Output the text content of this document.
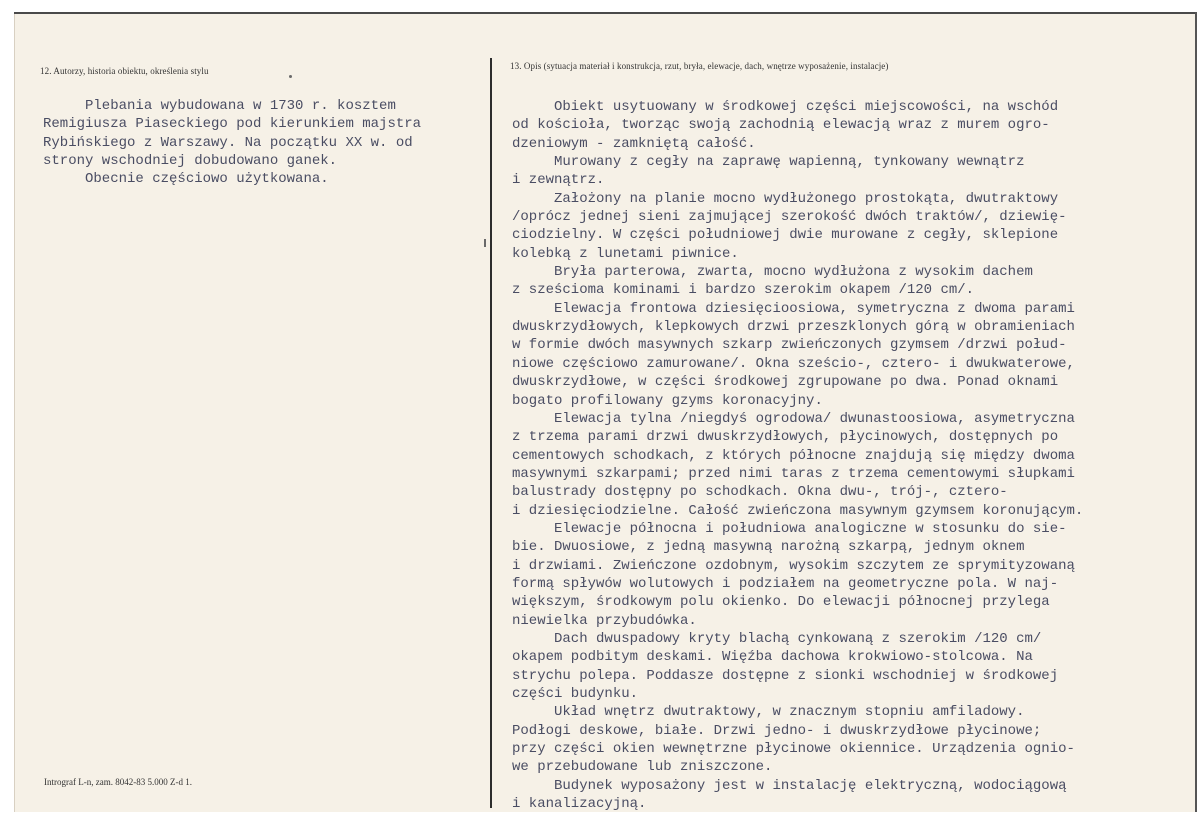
12. Autorzy, historia obiektu, określenia stylu	13. Opis (sytuacja materiał i konstrukcja, rzut, bryła, elewacje, dach, wnętrze wyposażenie, instalacje)
Plebania wybudowana w 1730 r. kosztem
Remigiusza Piaseckiego pod kierunkiem majstra
Rybińskiego z Warszawy. Na początku XX w. od
strony wschodniej dobudowano ganek.
Obecnie częściowo użytkowana.
Obiekt usytuowany w środkowej części miejscowości, na wschód
od kościoła, tworząc swoją zachodnią elewacją wraz z murem ogro-
dzeniowym - zamkniętą całość.
Murowany z cegły na zaprawę wapienną, tynkowany wewnątrz
i zewnątrz.
Założony na planie mocno wydłużonego prostokąta, dwutraktowy
/oprócz jednej sieni zajmującej szerokość dwóch traktów/, dziewię-
ciodzielny. W części południowej dwie murowane z cegły, sklepione
kolebką z lunetami piwnice.
Bryła parterowa, zwarta, mocno wydłużona z wysokim dachem
z sześcioma kominami i bardzo szerokim okapem /120 cm/.
Elewacja frontowa dziesięcioosiowa, symetryczna z dwoma parami
dwuskrzydłowych, klepkowych drzwi przeszklonych górą w obramieniach
w formie dwóch masywnych szkarp zwieńczonych gzymsem /drzwi połud-
niowe częściowo zamurowane/. Okna sześcio-, cztero- i dwukwaterowe,
dwuskrzydłowe, w części środkowej zgrupowane po dwa. Ponad oknami
bogato profilowany gzyms koronacyjny.
Elewacja tylna /niegdyś ogrodowa/ dwunastoosiowa, asymetryczna
z trzema parami drzwi dwuskrzydłowych, płycinowych, dostępnych po
cementowych schodkach, z których północne znajdują się między dwoma
masywnymi szkarpami; przed nimi taras z trzema cementowymi słupkami
balustrady dostępny po schodkach. Okna dwu-, trój-, cztero-
i dziesięciodzielne. Całość zwieńczona masywnym gzymsem koronującym.
Elewacje północna i południowa analogiczne w stosunku do sie-
bie. Dwuosiowe, z jedną masywną narożną szkarpą, jednym oknem
i drzwiami. Zwieńczone ozdobnym, wysokim szczytem ze sprymityzowaną
formą spływów wolutowych i podziałem na geometryczne pola. W naj-
większym, środkowym polu okienko. Do elewacji północnej przylega
niewielka przybudówka.
Dach dwuspadowy kryty blachą cynkowaną z szerokim /120 cm/
okapem podbitym deskami. Więźba dachowa krokwiowo-stolcowa. Na
strychu polepa. Poddasze dostępne z sionki wschodniej w środkowej
części budynku.
Układ wnętrz dwutraktowy, w znacznym stopniu amfiladowy.
Podłogi deskowe, białe. Drzwi jedno- i dwuskrzydłowe płycinowe;
przy części okien wewnętrzne płycinowe okiennice. Urządzenia ognio-
we przebudowane lub zniszczone.
Budynek wyposażony jest w instalację elektryczną, wodociągową
i kanalizacyjną.
Intrograf L-n, zam. 8042-83 5.000 Z-d 1.
